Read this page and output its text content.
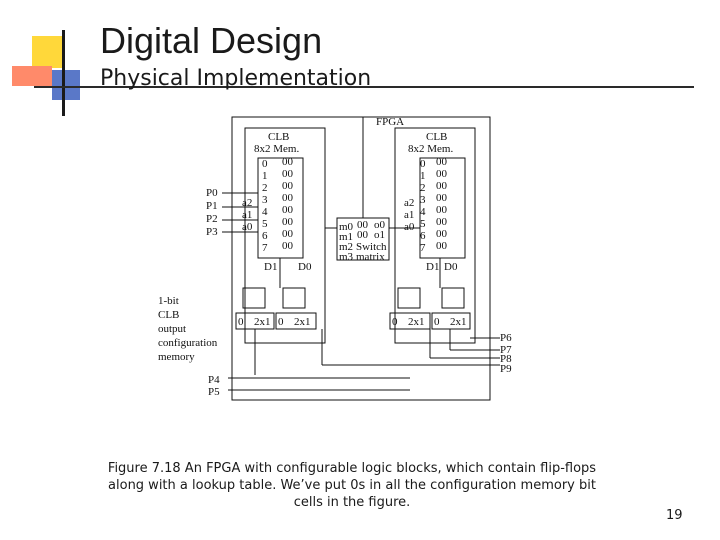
Digital Design
Physical Implementation
FPGA
CLB
8x2 Mem.
CLB
8x2 Mem.
0
1
2
3
4
5
6
7
00
00
00
00
00
00
00
00
0
1
2
3
4
5
6
7
00
00
00
00
00
00
00
00
a2
a1
a0
a2
a1
a0
D1 D0	D1 D0
0 2x1 0 2x1	0 2x1 0 2x1
m0
m1
m2
m3
00
00
o0
o1
Switch
matrix
P0
P1
P2
P3
P4
P5
P6
P7
P8
P9
1-bit
CLB
output
configuration
memory
Figure 7.18 An FPGA with configurable logic blocks, which contain flip-flops along with a lookup table. We’ve put 0s in all the configuration memory bit cells in the figure.
19
